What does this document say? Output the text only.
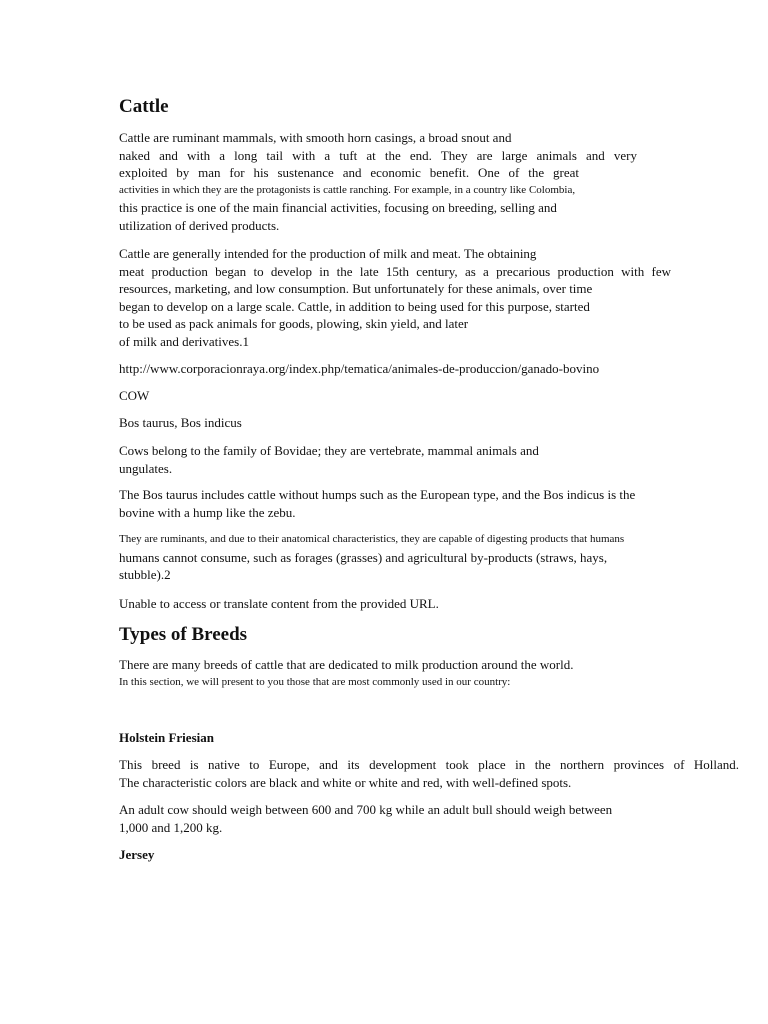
Cattle
Cattle are ruminant mammals, with smooth horn casings, a broad snout and
naked and with a long tail with a tuft at the end. They are large animals and very
exploited by man for his sustenance and economic benefit. One of the great
activities in which they are the protagonists is cattle ranching. For example, in a country like Colombia,
this practice is one of the main financial activities, focusing on breeding, selling and
utilization of derived products.
Cattle are generally intended for the production of milk and meat. The obtaining
meat production began to develop in the late 15th century, as a precarious production with few
resources, marketing, and low consumption. But unfortunately for these animals, over time
began to develop on a large scale. Cattle, in addition to being used for this purpose, started
to be used as pack animals for goods, plowing, skin yield, and later
of milk and derivatives.1
http://www.corporacionraya.org/index.php/tematica/animales-de-produccion/ganado-bovino
COW
Bos taurus, Bos indicus
Cows belong to the family of Bovidae; they are vertebrate, mammal animals and
ungulates.
The Bos taurus includes cattle without humps such as the European type, and the Bos indicus is the
bovine with a hump like the zebu.
They are ruminants, and due to their anatomical characteristics, they are capable of digesting products that humans
humans cannot consume, such as forages (grasses) and agricultural by-products (straws, hays,
stubble).2
Unable to access or translate content from the provided URL.
Types of Breeds
There are many breeds of cattle that are dedicated to milk production around the world.
In this section, we will present to you those that are most commonly used in our country:
Holstein Friesian
This breed is native to Europe, and its development took place in the northern provinces of Holland.
The characteristic colors are black and white or white and red, with well-defined spots.
An adult cow should weigh between 600 and 700 kg while an adult bull should weigh between
1,000 and 1,200 kg.
Jersey
